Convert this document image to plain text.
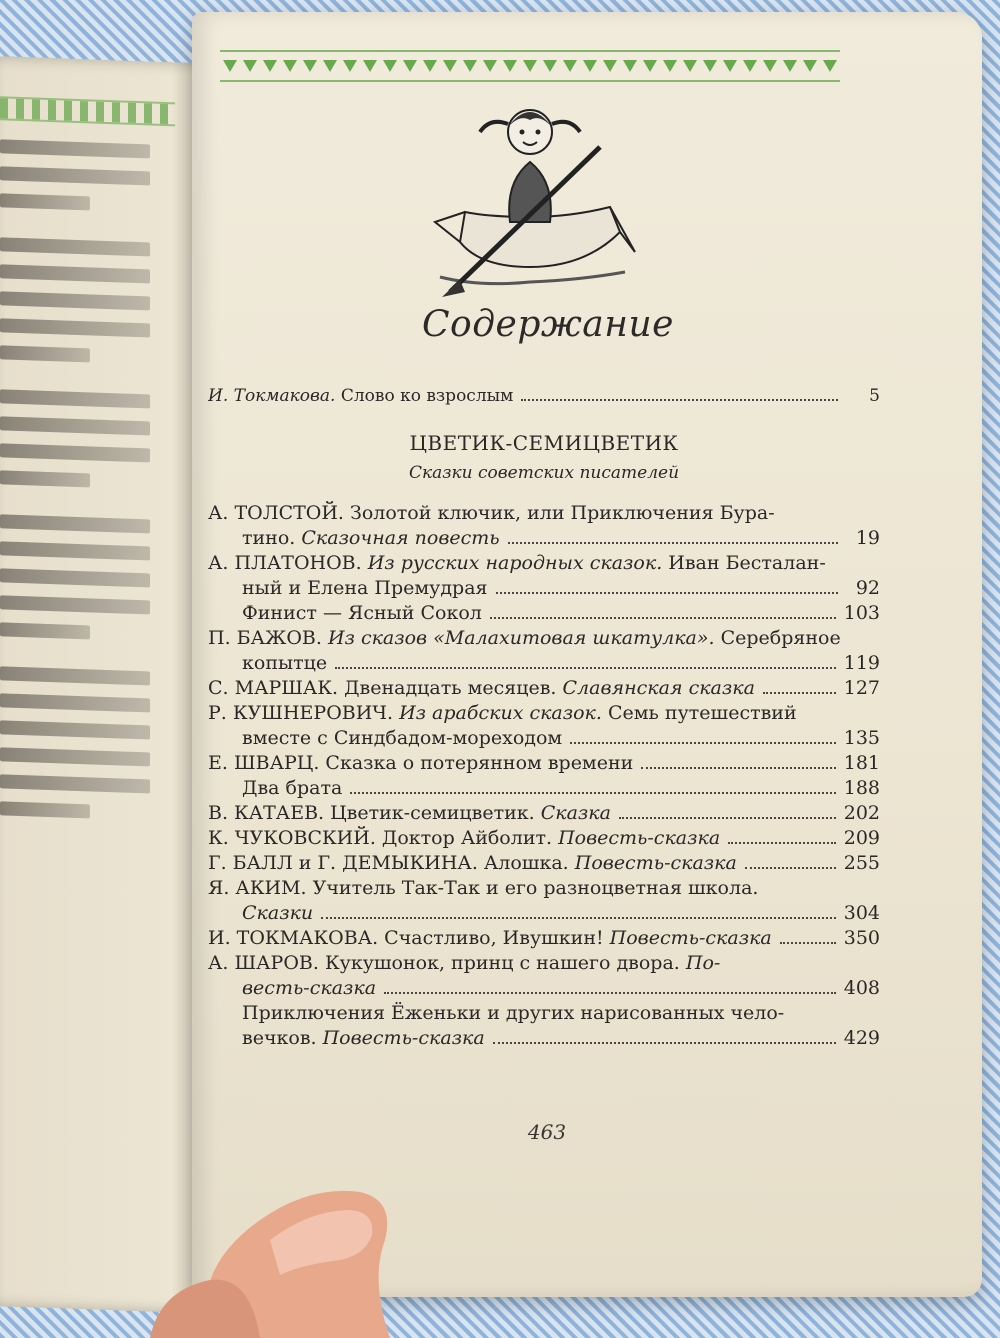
Содержание
И. Токмакова. Слово ко взрослым	5
ЦВЕТИК-СЕМИЦВЕТИК
Сказки советских писателей
А. ТОЛСТОЙ. Золотой ключик, или Приключения Бура-
тино. Сказочная повесть	19
А. ПЛАТОНОВ. Из русских народных сказок. Иван Бесталан-
ный и Елена Премудрая	92
Финист — Ясный Сокол	103
П. БАЖОВ. Из сказов «Малахитовая шкатулка». Серебряное
копытце	119
С. МАРШАК. Двенадцать месяцев. Славянская сказка	127
Р. КУШНЕРОВИЧ. Из арабских сказок. Семь путешествий
вместе с Синдбадом-мореходом	135
Е. ШВАРЦ. Сказка о потерянном времени	181
Два брата	188
В. КАТАЕВ. Цветик-семицветик. Сказка	202
К. ЧУКОВСКИЙ. Доктор Айболит. Повесть-сказка	209
Г. БАЛЛ и Г. ДЕМЫКИНА. Алошка. Повесть-сказка	255
Я. АКИМ. Учитель Так-Так и его разноцветная школа.
Сказки	304
И. ТОКМАКОВА. Счастливо, Ивушкин! Повесть-сказка	350
А. ШАРОВ. Кукушонок, принц с нашего двора. По-
весть-сказка	408
Приключения Ёженьки и других нарисованных чело-
вечков. Повесть-сказка	429
463
